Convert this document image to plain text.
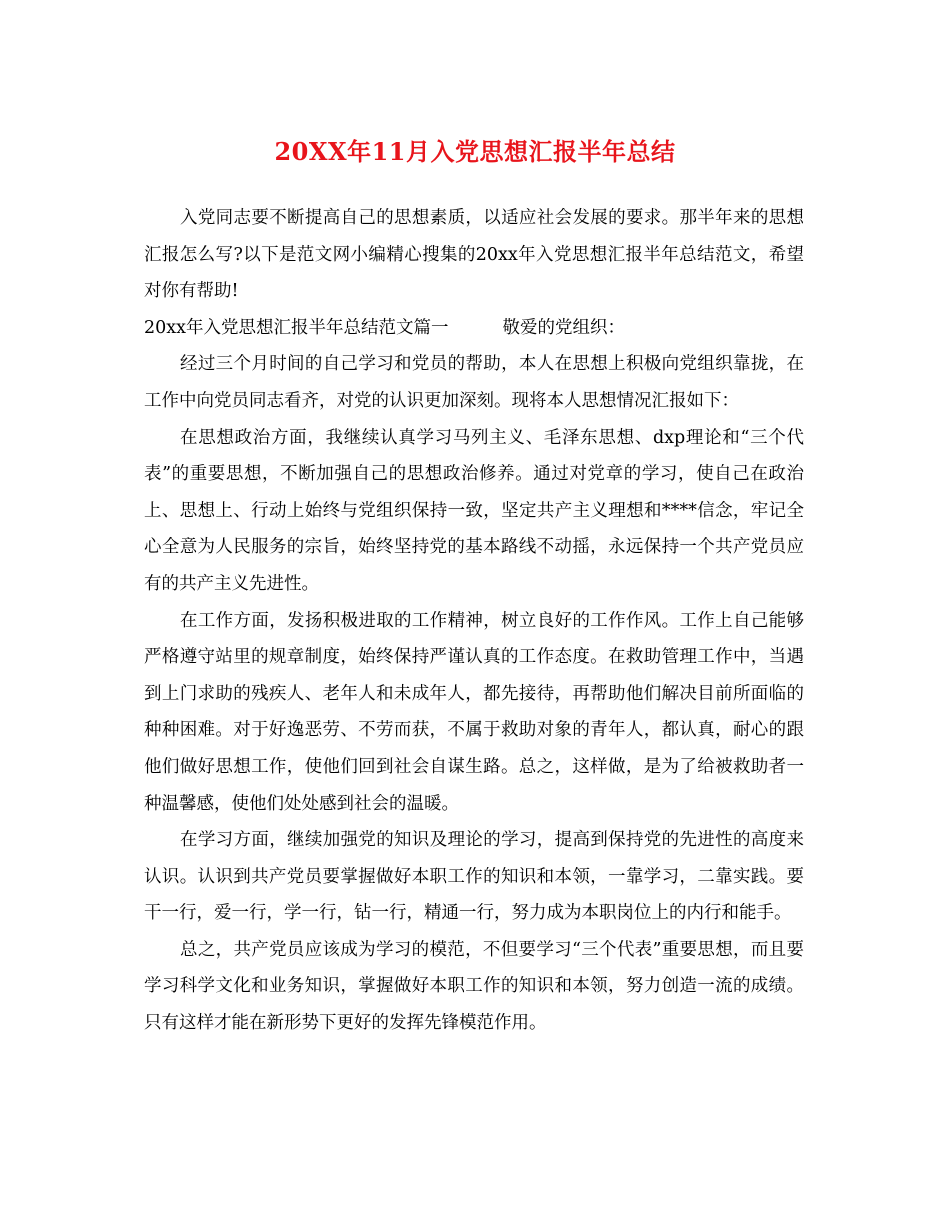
20XX年11月入党思想汇报半年总结

入党同志要不断提高自己的思想素质，以适应社会发展的要求。那半年来的思想汇报怎么写?以下是范文网小编精心搜集的20xx年入党思想汇报半年总结范文，希望对你有帮助!

20xx年入党思想汇报半年总结范文篇一	敬爱的党组织：

经过三个月时间的自己学习和党员的帮助，本人在思想上积极向党组织靠拢，在工作中向党员同志看齐，对党的认识更加深刻。现将本人思想情况汇报如下：

在思想政治方面，我继续认真学习马列主义、毛泽东思想、dxp理论和“三个代表”的重要思想，不断加强自己的思想政治修养。通过对党章的学习，使自己在政治上、思想上、行动上始终与党组织保持一致，坚定共产主义理想和****信念，牢记全心全意为人民服务的宗旨，始终坚持党的基本路线不动摇，永远保持一个共产党员应有的共产主义先进性。

在工作方面，发扬积极进取的工作精神，树立良好的工作作风。工作上自己能够严格遵守站里的规章制度，始终保持严谨认真的工作态度。在救助管理工作中，当遇到上门求助的残疾人、老年人和未成年人，都先接待，再帮助他们解决目前所面临的种种困难。对于好逸恶劳、不劳而获，不属于救助对象的青年人，都认真，耐心的跟他们做好思想工作，使他们回到社会自谋生路。总之，这样做，是为了给被救助者一种温馨感，使他们处处感到社会的温暖。

在学习方面，继续加强党的知识及理论的学习，提高到保持党的先进性的高度来认识。认识到共产党员要掌握做好本职工作的知识和本领，一靠学习，二靠实践。要干一行，爱一行，学一行，钻一行，精通一行，努力成为本职岗位上的内行和能手。

总之，共产党员应该成为学习的模范，不但要学习“三个代表”重要思想，而且要学习科学文化和业务知识，掌握做好本职工作的知识和本领，努力创造一流的成绩。只有这样才能在新形势下更好的发挥先锋模范作用。
